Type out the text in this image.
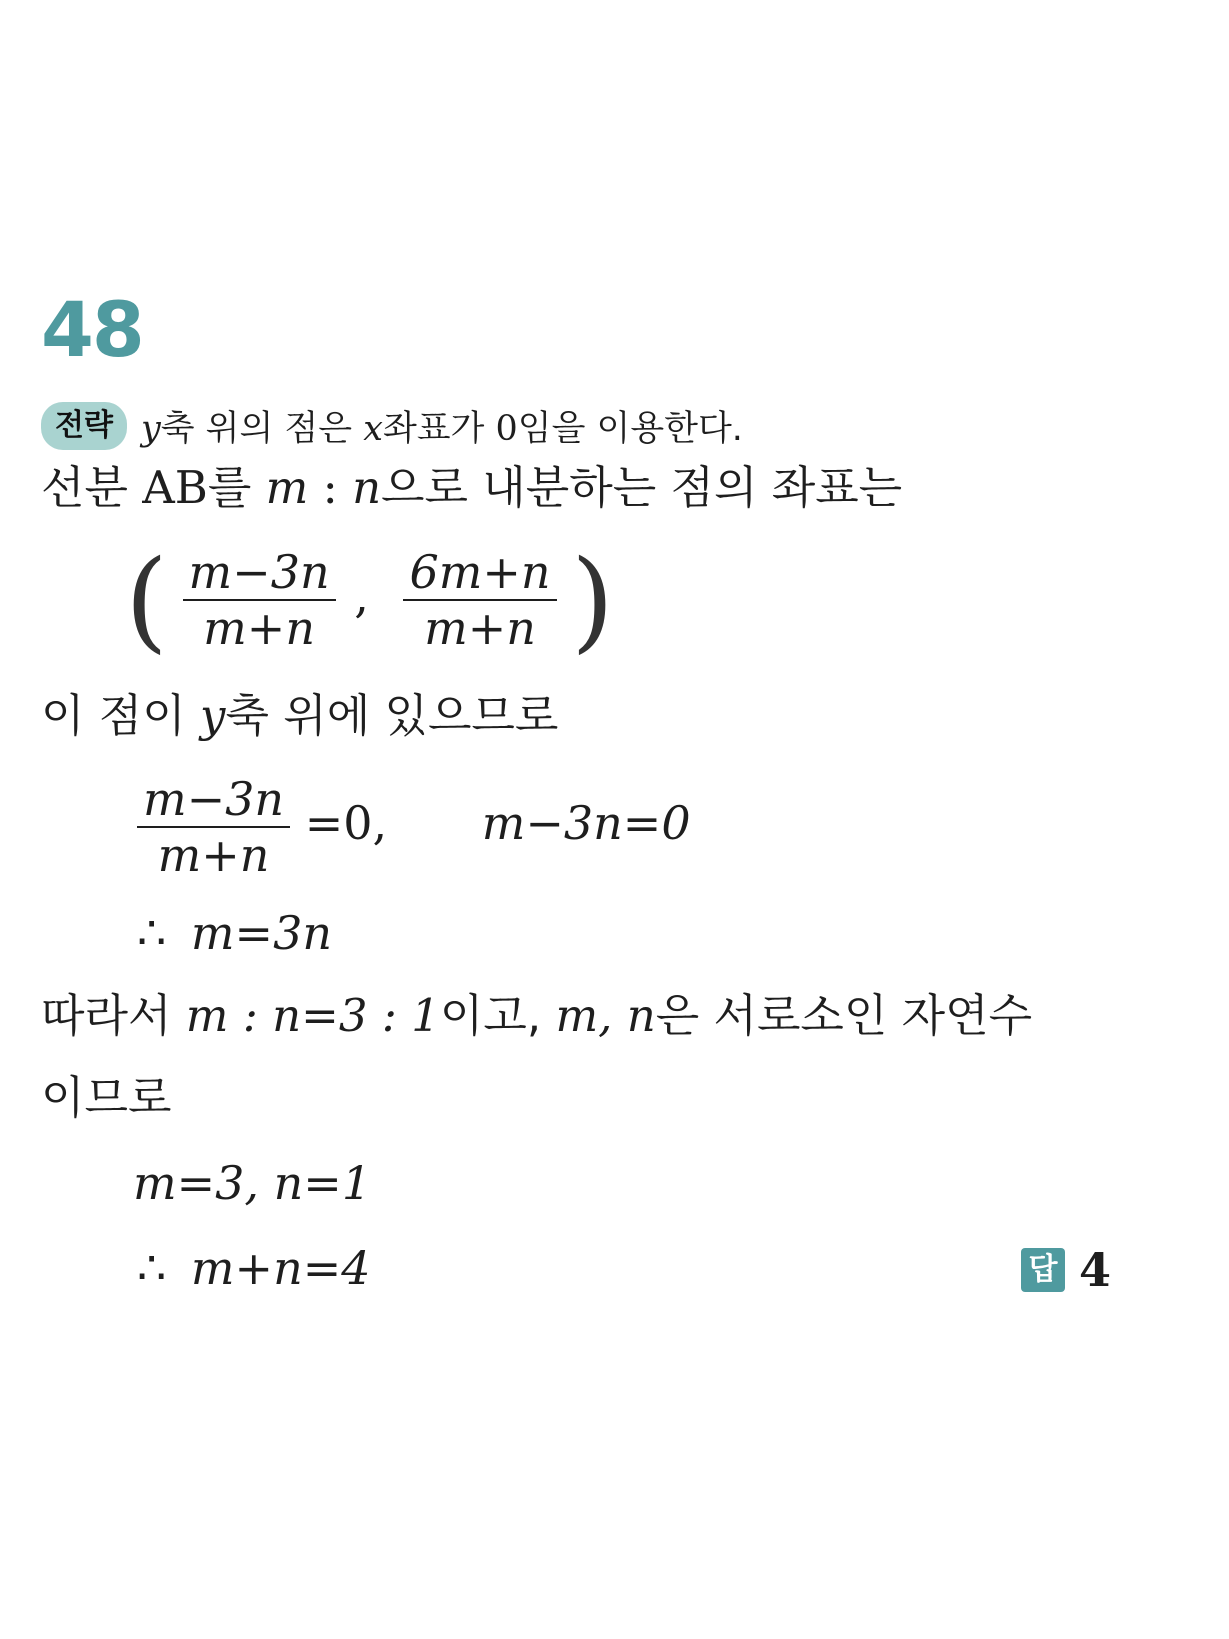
48
전략 y축 위의 점은 x좌표가 0임을 이용한다.
선분 AB를 m : n으로 내분하는 점의 좌표는
( $\frac{m-3n}{m+n}$ , $\frac{6m+n}{m+n}$ )
이 점이 y축 위에 있으므로
$\frac{m-3n}{m+n} =0$, m−3n=0
∴ m=3n
따라서 m : n=3 : 1이고, m, n은 서로소인 자연수
이므로
m=3, n=1
∴ m+n=4	답 4
